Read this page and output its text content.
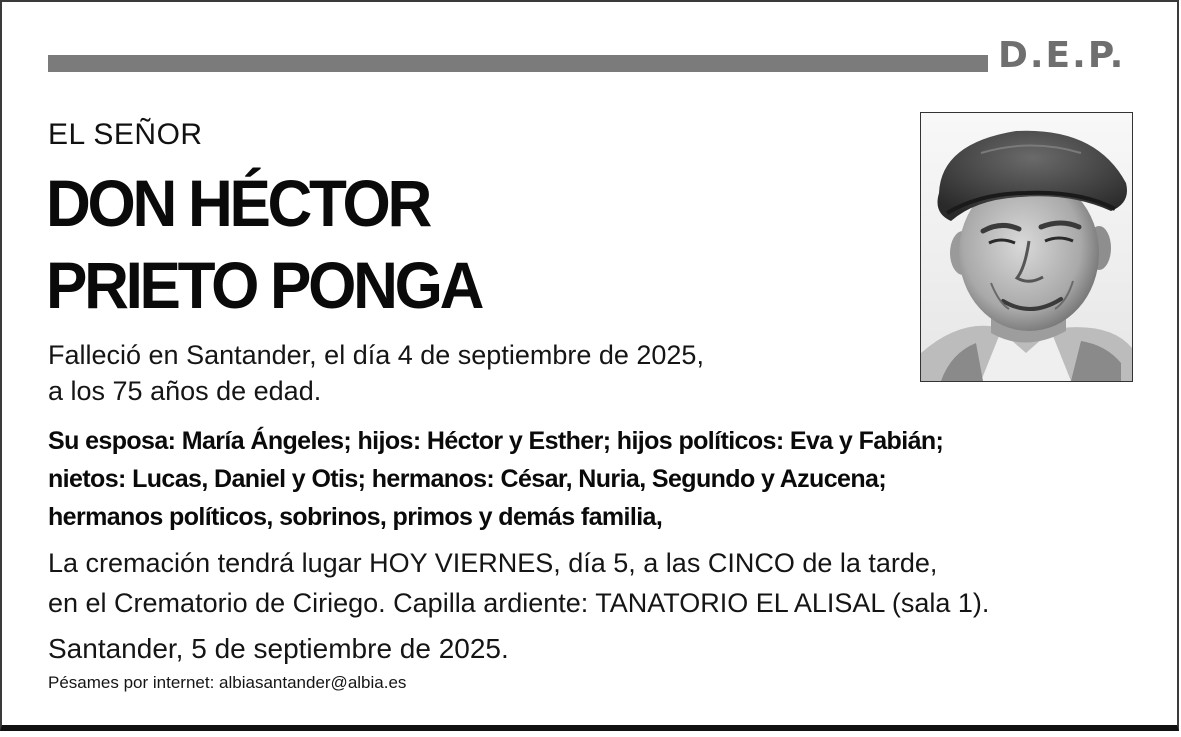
D.E.P.
EL SEÑOR
DON HÉCTOR
PRIETO PONGA
Falleció en Santander, el día 4 de septiembre de 2025,
a los 75 años de edad.
Su esposa: María Ángeles; hijos: Héctor y Esther; hijos políticos: Eva y Fabián;
nietos: Lucas, Daniel y Otis; hermanos: César, Nuria, Segundo y Azucena;
hermanos políticos, sobrinos, primos y demás familia,
La cremación tendrá lugar HOY VIERNES, día 5, a las CINCO de la tarde,
en el Crematorio de Ciriego. Capilla ardiente: TANATORIO EL ALISAL (sala 1).
Santander, 5 de septiembre de 2025.
Pésames por internet: albiasantander@albia.es
